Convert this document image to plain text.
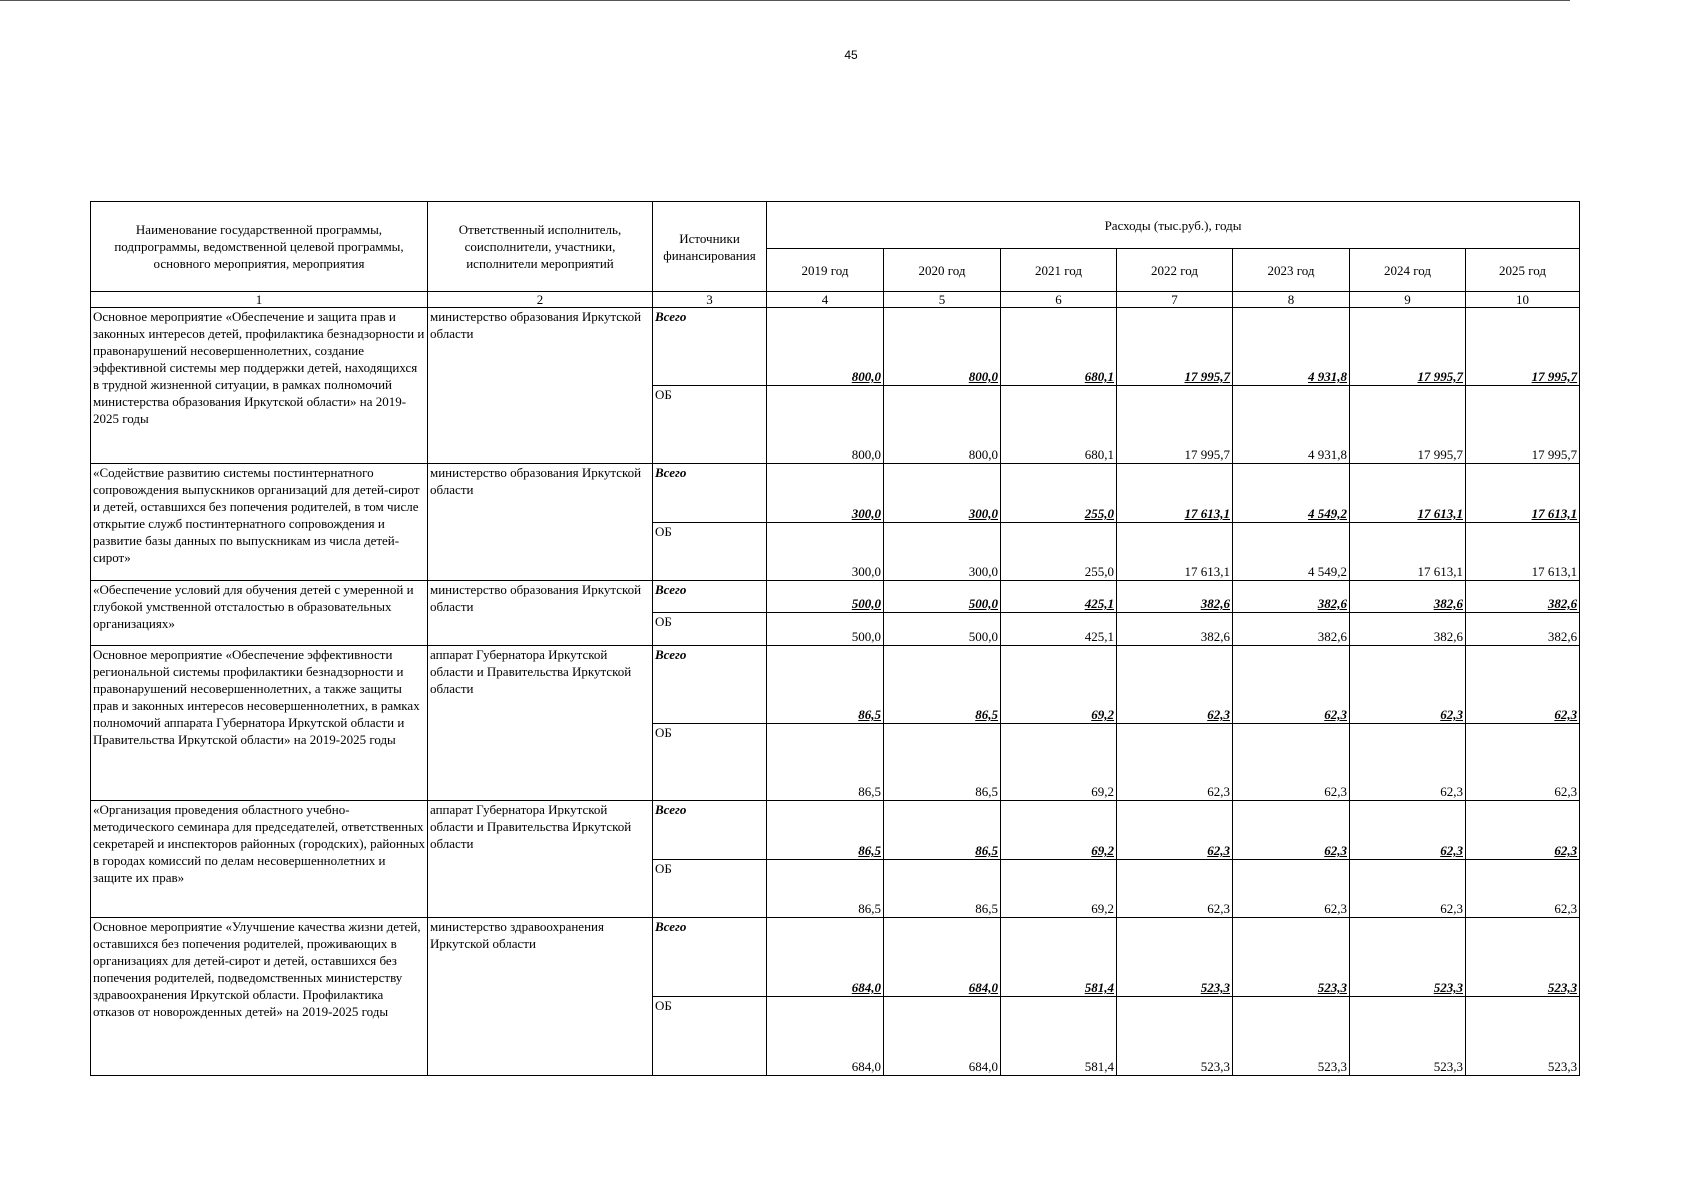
45
Наименование государственной программы, подпрограммы, ведомственной целевой программы, основного мероприятия, мероприятия	Ответственный исполнитель, соисполнители, участники, исполнители мероприятий	Источники финансирования	Расходы (тыс.руб.), годы						
			2019 год	2020 год	2021 год	2022 год	2023 год	2024 год	2025 год
1	2	3	4	5	6	7	8	9	10
Основное мероприятие «Обеспечение и защита прав и законных интересов детей, профилактика безнадзорности и правонарушений несовершеннолетних, создание эффективной системы мер поддержки детей, находящихся в трудной жизненной ситуации, в рамках полномочий министерства образования Иркутской области» на 2019-2025 годы	министерство образования Иркутской области	Всего	800,0	800,0	680,1	17 995,7	4 931,8	17 995,7	17 995,7
		ОБ	800,0	800,0	680,1	17 995,7	4 931,8	17 995,7	17 995,7
«Содействие развитию системы постинтернатного сопровождения выпускников организаций для детей-сирот и детей, оставшихся без попечения родителей, в том числе открытие служб постинтернатного сопровождения и развитие базы данных по выпускникам из числа детей-сирот»	министерство образования Иркутской области	Всего	300,0	300,0	255,0	17 613,1	4 549,2	17 613,1	17 613,1
		ОБ	300,0	300,0	255,0	17 613,1	4 549,2	17 613,1	17 613,1
«Обеспечение условий для обучения детей с умеренной и глубокой умственной отсталостью в образовательных организациях»	министерство образования Иркутской области	Всего	500,0	500,0	425,1	382,6	382,6	382,6	382,6
		ОБ	500,0	500,0	425,1	382,6	382,6	382,6	382,6
Основное мероприятие «Обеспечение эффективности региональной системы профилактики безнадзорности и правонарушений несовершеннолетних, а также защиты прав и законных интересов несовершеннолетних, в рамках полномочий аппарата Губернатора Иркутской области и Правительства Иркутской области» на 2019-2025 годы	аппарат Губернатора Иркутской области и Правительства Иркутской области	Всего	86,5	86,5	69,2	62,3	62,3	62,3	62,3
		ОБ	86,5	86,5	69,2	62,3	62,3	62,3	62,3
«Организация проведения областного учебно-методического семинара для председателей, ответственных секретарей и инспекторов районных (городских), районных в городах комиссий по делам несовершеннолетних и защите их прав»	аппарат Губернатора Иркутской области и Правительства Иркутской области	Всего	86,5	86,5	69,2	62,3	62,3	62,3	62,3
		ОБ	86,5	86,5	69,2	62,3	62,3	62,3	62,3
Основное мероприятие «Улучшение качества жизни детей, оставшихся без попечения родителей, проживающих в организациях для детей-сирот и детей, оставшихся без попечения родителей, подведомственных министерству здравоохранения Иркутской области. Профилактика отказов от новорожденных детей» на 2019-2025 годы	министерство здравоохранения Иркутской области	Всего	684,0	684,0	581,4	523,3	523,3	523,3	523,3
		ОБ	684,0	684,0	581,4	523,3	523,3	523,3	523,3
